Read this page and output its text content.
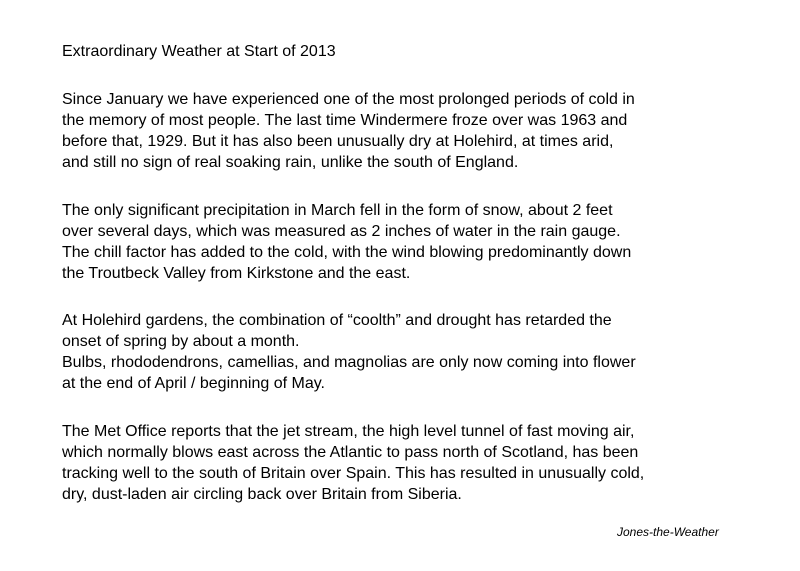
Extraordinary Weather at Start of 2013
Since January we have experienced one of the most prolonged periods of cold in
the memory of most people. The last time Windermere froze over was 1963 and
before that, 1929. But it has also been unusually dry at Holehird, at times arid,
and still no sign of real soaking rain, unlike the south of England.
The only significant precipitation in March fell in the form of snow, about 2 feet
over several days, which was measured as 2 inches of water in the rain gauge.
The chill factor has added to the cold, with the wind blowing predominantly down
the Troutbeck Valley from Kirkstone and the east.
At Holehird gardens, the combination of “coolth” and drought has retarded the
onset of spring by about a month.
Bulbs, rhododendrons, camellias, and magnolias are only now coming into flower
at the end of April / beginning of May.
The Met Office reports that the jet stream, the high level tunnel of fast moving air,
which normally blows east across the Atlantic to pass north of Scotland, has been
tracking well to the south of Britain over Spain. This has resulted in unusually cold,
dry, dust-laden air circling back over Britain from Siberia.
Jones-the-Weather
